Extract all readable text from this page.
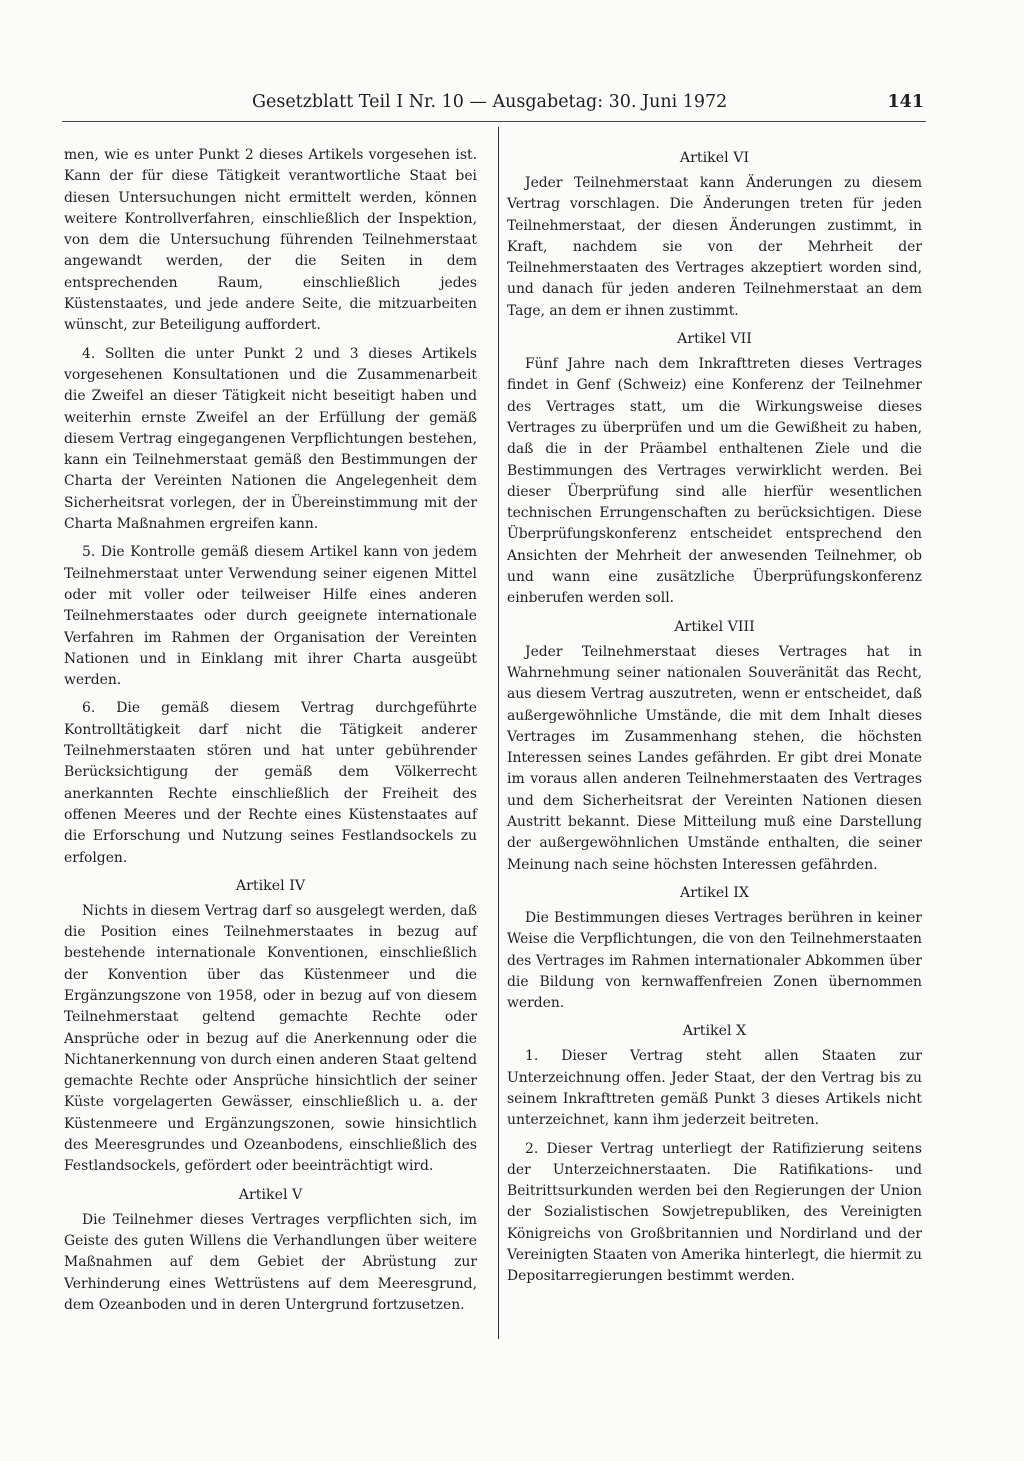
Gesetzblatt Teil I Nr. 10 — Ausgabetag: 30. Juni 1972	141

men, wie es unter Punkt 2 dieses Artikels vorgesehen ist. Kann der für diese Tätigkeit verantwortliche Staat bei diesen Untersuchungen nicht ermittelt werden, können weitere Kontrollverfahren, einschließlich der Inspektion, von dem die Untersuchung führenden Teilnehmerstaat angewandt werden, der die Seiten in dem entsprechenden Raum, einschließlich jedes Küstenstaates, und jede andere Seite, die mitzuarbeiten wünscht, zur Beteiligung auffordert.

4. Sollten die unter Punkt 2 und 3 dieses Artikels vorgesehenen Konsultationen und die Zusammenarbeit die Zweifel an dieser Tätigkeit nicht beseitigt haben und weiterhin ernste Zweifel an der Erfüllung der gemäß diesem Vertrag eingegangenen Verpflichtungen bestehen, kann ein Teilnehmerstaat gemäß den Bestimmungen der Charta der Vereinten Nationen die Angelegenheit dem Sicherheitsrat vorlegen, der in Übereinstimmung mit der Charta Maßnahmen ergreifen kann.

5. Die Kontrolle gemäß diesem Artikel kann von jedem Teilnehmerstaat unter Verwendung seiner eigenen Mittel oder mit voller oder teilweiser Hilfe eines anderen Teilnehmerstaates oder durch geeignete internationale Verfahren im Rahmen der Organisation der Vereinten Nationen und in Einklang mit ihrer Charta ausgeübt werden.

6. Die gemäß diesem Vertrag durchgeführte Kontrolltätigkeit darf nicht die Tätigkeit anderer Teilnehmerstaaten stören und hat unter gebührender Berücksichtigung der gemäß dem Völkerrecht anerkannten Rechte einschließlich der Freiheit des offenen Meeres und der Rechte eines Küstenstaates auf die Erforschung und Nutzung seines Festlandsockels zu erfolgen.

Artikel IV

Nichts in diesem Vertrag darf so ausgelegt werden, daß die Position eines Teilnehmerstaates in bezug auf bestehende internationale Konventionen, einschließlich der Konvention über das Küstenmeer und die Ergänzungszone von 1958, oder in bezug auf von diesem Teilnehmerstaat geltend gemachte Rechte oder Ansprüche oder in bezug auf die Anerkennung oder die Nichtanerkennung von durch einen anderen Staat geltend gemachte Rechte oder Ansprüche hinsichtlich der seiner Küste vorgelagerten Gewässer, einschließlich u. a. der Küstenmeere und Ergänzungszonen, sowie hinsichtlich des Meeresgrundes und Ozeanbodens, einschließlich des Festlandsockels, gefördert oder beeinträchtigt wird.

Artikel V

Die Teilnehmer dieses Vertrages verpflichten sich, im Geiste des guten Willens die Verhandlungen über weitere Maßnahmen auf dem Gebiet der Abrüstung zur Verhinderung eines Wettrüstens auf dem Meeresgrund, dem Ozeanboden und in deren Untergrund fortzusetzen.

Artikel VI

Jeder Teilnehmerstaat kann Änderungen zu diesem Vertrag vorschlagen. Die Änderungen treten für jeden Teilnehmerstaat, der diesen Änderungen zustimmt, in Kraft, nachdem sie von der Mehrheit der Teilnehmerstaaten des Vertrages akzeptiert worden sind, und danach für jeden anderen Teilnehmerstaat an dem Tage, an dem er ihnen zustimmt.

Artikel VII

Fünf Jahre nach dem Inkrafttreten dieses Vertrages findet in Genf (Schweiz) eine Konferenz der Teilnehmer des Vertrages statt, um die Wirkungsweise dieses Vertrages zu überprüfen und um die Gewißheit zu haben, daß die in der Präambel enthaltenen Ziele und die Bestimmungen des Vertrages verwirklicht werden. Bei dieser Überprüfung sind alle hierfür wesentlichen technischen Errungenschaften zu berücksichtigen. Diese Überprüfungskonferenz entscheidet entsprechend den Ansichten der Mehrheit der anwesenden Teilnehmer, ob und wann eine zusätzliche Überprüfungskonferenz einberufen werden soll.

Artikel VIII

Jeder Teilnehmerstaat dieses Vertrages hat in Wahrnehmung seiner nationalen Souveränität das Recht, aus diesem Vertrag auszutreten, wenn er entscheidet, daß außergewöhnliche Umstände, die mit dem Inhalt dieses Vertrages im Zusammenhang stehen, die höchsten Interessen seines Landes gefährden. Er gibt drei Monate im voraus allen anderen Teilnehmerstaaten des Vertrages und dem Sicherheitsrat der Vereinten Nationen diesen Austritt bekannt. Diese Mitteilung muß eine Darstellung der außergewöhnlichen Umstände enthalten, die seiner Meinung nach seine höchsten Interessen gefährden.

Artikel IX

Die Bestimmungen dieses Vertrages berühren in keiner Weise die Verpflichtungen, die von den Teilnehmerstaaten des Vertrages im Rahmen internationaler Abkommen über die Bildung von kernwaffenfreien Zonen übernommen werden.

Artikel X

1. Dieser Vertrag steht allen Staaten zur Unterzeichnung offen. Jeder Staat, der den Vertrag bis zu seinem Inkrafttreten gemäß Punkt 3 dieses Artikels nicht unterzeichnet, kann ihm jederzeit beitreten.

2. Dieser Vertrag unterliegt der Ratifizierung seitens der Unterzeichnerstaaten. Die Ratifikations- und Beitrittsurkunden werden bei den Regierungen der Union der Sozialistischen Sowjetrepubliken, des Vereinigten Königreichs von Großbritannien und Nordirland und der Vereinigten Staaten von Amerika hinterlegt, die hiermit zu Depositarregierungen bestimmt werden.
